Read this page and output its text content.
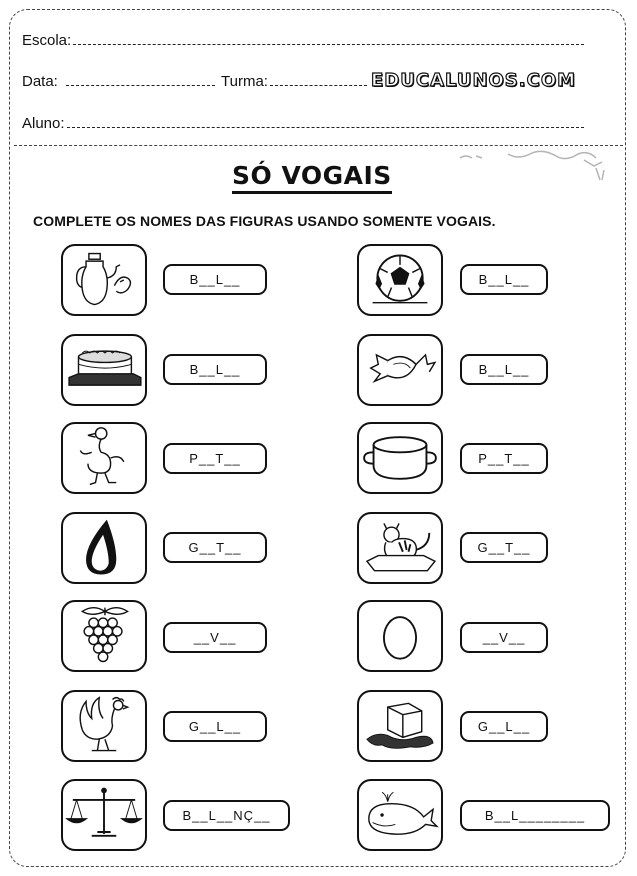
Escola:
Data:	Turma:	EDUCALUNOS.COM
Aluno:
SÓ VOGAIS
COMPLETE OS NOMES DAS FIGURAS USANDO SOMENTE VOGAIS.
B__L__
B__L__
P__T__
G__T__
__V__
G__L__
B__L__NÇ__
B__L__
B__L__
P__T__
G__T__
__V__
G__L__
B__L________
